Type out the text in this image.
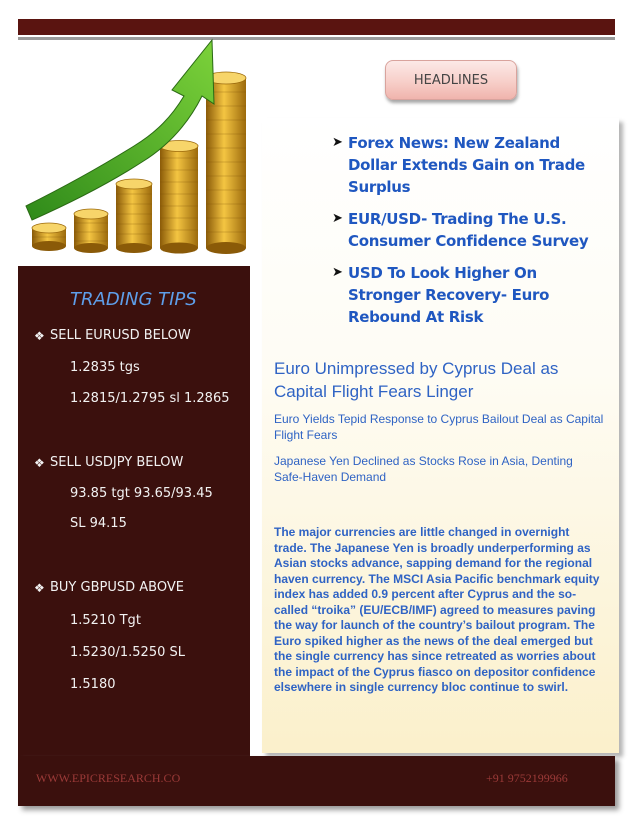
HEADLINES
➤ Forex News: New Zealand Dollar Extends Gain on Trade Surplus
➤ EUR/USD- Trading The U.S. Consumer Confidence Survey
➤ USD To Look Higher On Stronger Recovery- Euro Rebound At Risk
TRADING TIPS
❖ SELL EURUSD BELOW
1.2835 tgs
1.2815/1.2795 sl 1.2865
❖ SELL USDJPY BELOW
93.85 tgt 93.65/93.45
SL 94.15
❖ BUY GBPUSD ABOVE
1.5210 Tgt
1.5230/1.5250 SL
1.5180
Euro Unimpressed by Cyprus Deal as Capital Flight Fears Linger

Euro Yields Tepid Response to Cyprus Bailout Deal as Capital Flight Fears

Japanese Yen Declined as Stocks Rose in Asia, Denting Safe-Haven Demand

The major currencies are little changed in overnight trade. The Japanese Yen is broadly underperforming as Asian stocks advance, sapping demand for the regional haven currency. The MSCI Asia Pacific benchmark equity index has added 0.9 percent after Cyprus and the so-called “troika” (EU/ECB/IMF) agreed to measures paving the way for launch of the country’s bailout program. The Euro spiked higher as the news of the deal emerged but the single currency has since retreated as worries about the impact of the Cyprus fiasco on depositor confidence elsewhere in single currency bloc continue to swirl.

WWW.EPICRESEARCH.CO	+91 9752199966
